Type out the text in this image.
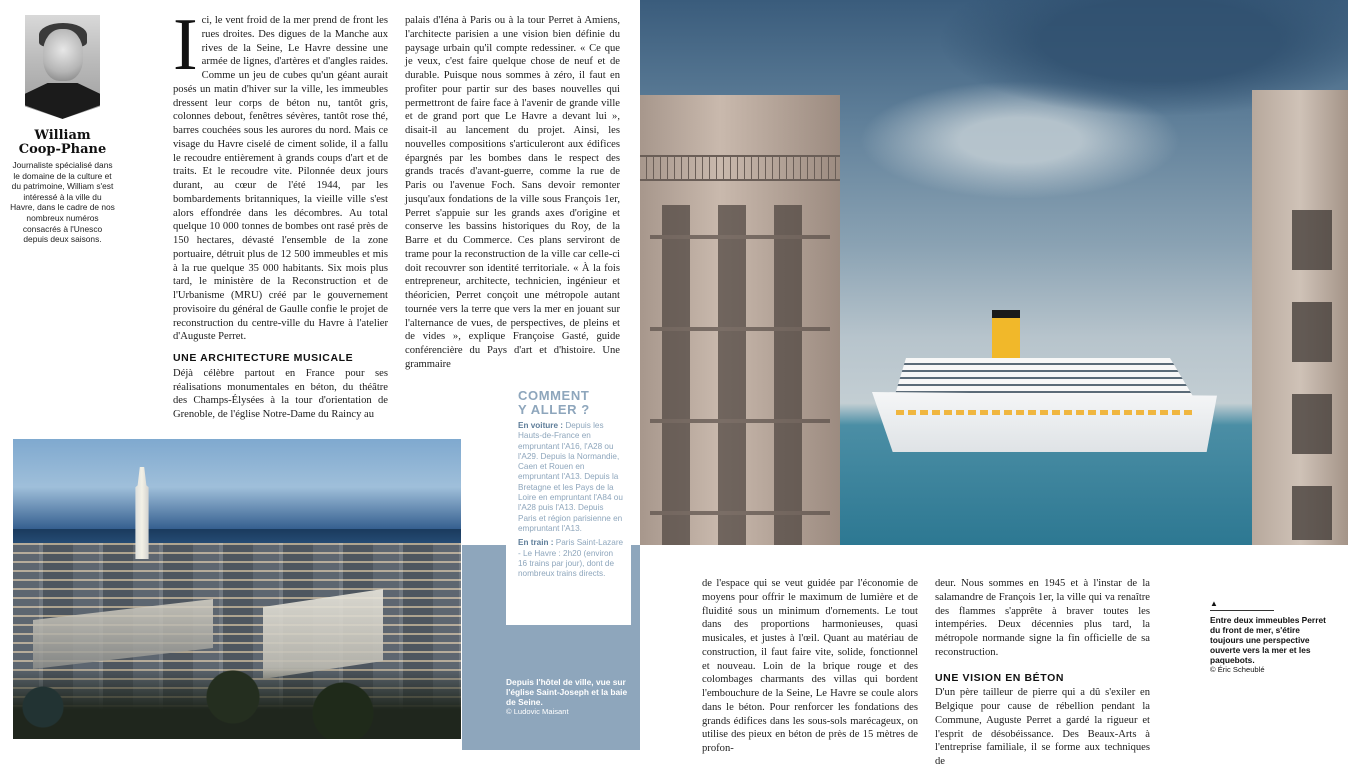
William
Coop-Phane
Journaliste spécialisé dans le domaine de la culture et du patrimoine, William s'est intéressé à la ville du Havre, dans le cadre de nos nombreux numéros consacrés à l'Unesco depuis deux saisons.
I ci, le vent froid de la mer prend de front les rues droites. Des digues de la Manche aux rives de la Seine, Le Havre dessine une armée de lignes, d'artères et d'angles raides. Comme un jeu de cubes qu'un géant aurait posés un matin d'hiver sur la ville, les immeubles dressent leur corps de béton nu, tantôt gris, colonnes debout, fenêtres sévères, tantôt rose thé, barres couchées sous les aurores du nord. Mais ce visage du Havre ciselé de ciment solide, il a fallu le recoudre entièrement à grands coups d'art et de traits. Et le recoudre vite. Pilonnée deux jours durant, au cœur de l'été 1944, par les bombardements britanniques, la vieille ville s'est alors effondrée dans les décombres. Au total quelque 10 000 tonnes de bombes ont rasé près de 150 hectares, dévasté l'ensemble de la zone portuaire, détruit plus de 12 500 immeubles et mis à la rue quelque 35 000 habitants. Six mois plus tard, le ministère de la Reconstruction et de l'Urbanisme (MRU) créé par le gouvernement provisoire du général de Gaulle confie le projet de reconstruction du centre-ville du Havre à l'atelier d'Auguste Perret.

UNE ARCHITECTURE MUSICALE

Déjà célèbre partout en France pour ses réalisations monumentales en béton, du théâtre des Champs-Élysées à la tour d'orientation de Grenoble, de l'église Notre-Dame du Raincy au

palais d'Iéna à Paris ou à la tour Perret à Amiens, l'architecte parisien a une vision bien définie du paysage urbain qu'il compte redessiner. « Ce que je veux, c'est faire quelque chose de neuf et de durable. Puisque nous sommes à zéro, il faut en profiter pour partir sur des bases nouvelles qui permettront de faire face à l'avenir de grande ville et de grand port que Le Havre a devant lui », disait-il au lancement du projet. Ainsi, les nouvelles compositions s'articuleront aux édifices épargnés par les bombes dans le respect des grands tracés d'avant-guerre, comme la rue de Paris ou l'avenue Foch. Sans devoir remonter jusqu'aux fondations de la ville sous François 1er, Perret s'appuie sur les grands axes d'origine et conserve les bassins historiques du Roy, de la Barre et du Commerce. Ces plans serviront de trame pour la reconstruction de la ville car celle-ci doit recouvrer son identité territoriale. « À la fois entrepreneur, architecte, technicien, ingénieur et théoricien, Perret conçoit une métropole autant tournée vers la terre que vers la mer en jouant sur l'alternance de vues, de perspectives, de pleins et de vides », explique Françoise Gasté, guide conférencière du Pays d'art et d'histoire. Une grammaire

COMMENT
Y ALLER ?

En voiture : Depuis les Hauts-de-France en empruntant l'A16, l'A28 ou l'A29. Depuis la Normandie, Caen et Rouen en empruntant l'A13. Depuis la Bretagne et les Pays de la Loire en empruntant l'A84 ou l'A28 puis l'A13. Depuis Paris et région parisienne en empruntant l'A13.

En train : Paris Saint-Lazare - Le Havre : 2h20 (environ 16 trains par jour), dont de nombreux trains directs.

Depuis l'hôtel de ville, vue sur l'église Saint-Joseph et la baie de Seine.
© Ludovic Maisant

de l'espace qui se veut guidée par l'économie de moyens pour offrir le maximum de lumière et de fluidité sous un minimum d'ornements. Le tout dans des proportions harmonieuses, quasi musicales, et justes à l'œil. Quant au matériau de construction, il faut faire vite, solide, fonctionnel et nouveau. Loin de la brique rouge et des colombages charmants des villas qui bordent l'embouchure de la Seine, Le Havre se coule alors dans le béton. Pour renforcer les fondations des grands édifices dans les sous-sols marécageux, on utilise des pieux en béton de près de 15 mètres de profon-

deur. Nous sommes en 1945 et à l'instar de la salamandre de François 1er, la ville qui va renaître des flammes s'apprête à braver toutes les intempéries. Deux décennies plus tard, la métropole normande signe la fin officielle de sa reconstruction.

UNE VISION EN BÉTON

D'un père tailleur de pierre qui a dû s'exiler en Belgique pour cause de rébellion pendant la Commune, Auguste Perret a gardé la rigueur et l'esprit de désobéissance. Des Beaux-Arts à l'entreprise familiale, il se forme aux techniques de

▲
Entre deux immeubles Perret du front de mer, s'étire toujours une perspective ouverte vers la mer et les paquebots.
© Éric Scheublé
